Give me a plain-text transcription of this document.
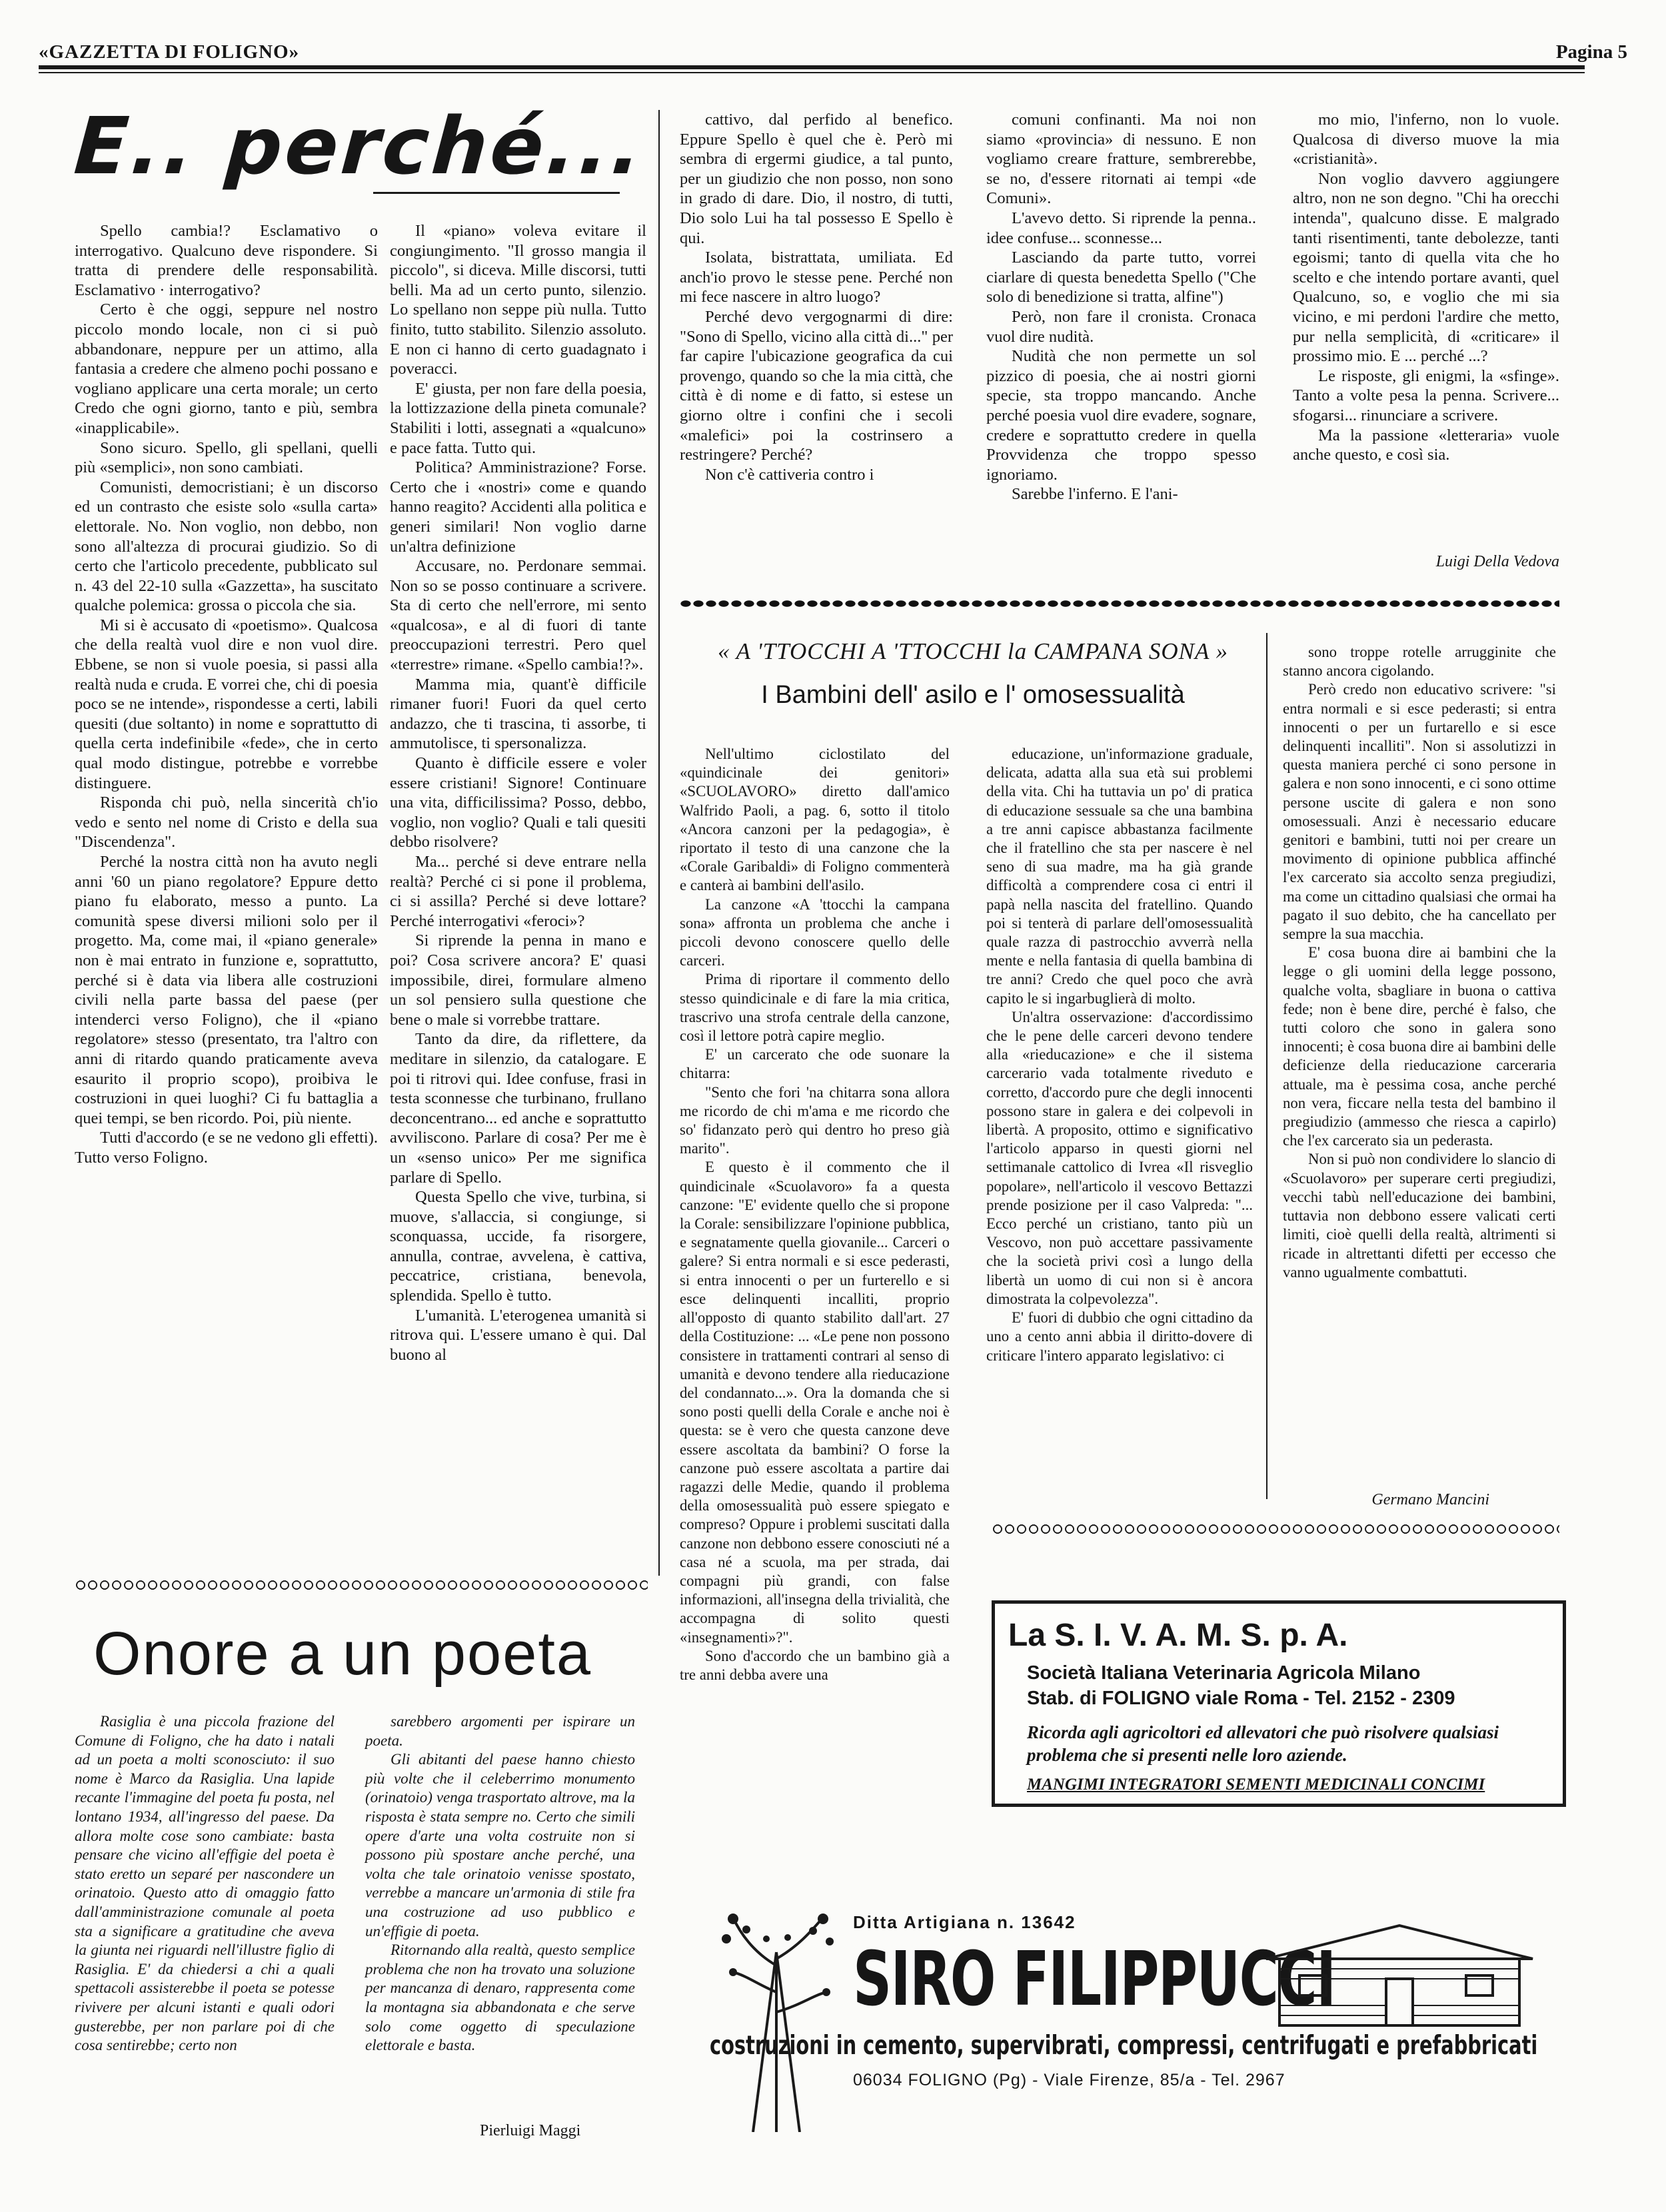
«GAZZETTA DI FOLIGNO»	Pagina 5
E.. perché...

Spello cambia!? Esclamativo o interrogativo. Qualcuno deve rispondere. Si tratta di prendere delle responsabilità. Esclamativo · interrogativo?

Certo è che oggi, seppure nel nostro piccolo mondo locale, non ci si può abbandonare, neppure per un attimo, alla fantasia a credere che almeno pochi possano e vogliano applicare una certa morale; un certo Credo che ogni giorno, tanto e più, sembra «inapplicabile».

Sono sicuro. Spello, gli spellani, quelli più «semplici», non sono cambiati.

Comunisti, democristiani; è un discorso ed un contrasto che esiste solo «sulla carta» elettorale. No. Non voglio, non debbo, non sono all'altezza di procurai giudizio. So di certo che l'articolo precedente, pubblicato sul n. 43 del 22-10 sulla «Gazzetta», ha suscitato qualche polemica: grossa o piccola che sia.

Mi si è accusato di «poetismo». Qualcosa che della realtà vuol dire e non vuol dire. Ebbene, se non si vuole poesia, si passi alla realtà nuda e cruda. E vorrei che, chi di poesia poco se ne intende», rispondesse a certi, labili quesiti (due soltanto) in nome e soprattutto di quella certa indefinibile «fede», che in certo qual modo distingue, potrebbe e vorrebbe distinguere.

Risponda chi può, nella sincerità ch'io vedo e sento nel nome di Cristo e della sua "Discendenza".

Perché la nostra città non ha avuto negli anni '60 un piano regolatore? Eppure detto piano fu elaborato, messo a punto. La comunità spese diversi milioni solo per il progetto. Ma, come mai, il «piano generale» non è mai entrato in funzione e, soprattutto, perché si è data via libera alle costruzioni civili nella parte bassa del paese (per intenderci verso Foligno), che il «piano regolatore» stesso (presentato, tra l'altro con anni di ritardo quando praticamente aveva esaurito il proprio scopo), proibiva le costruzioni in quei luoghi? Ci fu battaglia a quei tempi, se ben ricordo. Poi, più niente.

Tutti d'accordo (e se ne vedono gli effetti). Tutto verso Foligno.

Il «piano» voleva evitare il congiungimento. "Il grosso mangia il piccolo", si diceva. Mille discorsi, tutti belli. Ma ad un certo punto, silenzio. Lo spellano non seppe più nulla. Tutto finito, tutto stabilito. Silenzio assoluto. E non ci hanno di certo guadagnato i poveracci.

E' giusta, per non fare della poesia, la lottizzazione della pineta comunale? Stabiliti i lotti, assegnati a «qualcuno» e pace fatta. Tutto qui.

Politica? Amministrazione? Forse. Certo che i «nostri» come e quando hanno reagito? Accidenti alla politica e generi similari! Non voglio darne un'altra definizione

Accusare, no. Perdonare semmai. Non so se posso continuare a scrivere. Sta di certo che nell'errore, mi sento «qualcosa», e al di fuori di tante preoccupazioni terrestri. Pero quel «terrestre» rimane. «Spello cambia!?».

Mamma mia, quant'è difficile rimaner fuori! Fuori da quel certo andazzo, che ti trascina, ti assorbe, ti ammutolisce, ti spersonalizza.

Quanto è difficile essere e voler essere cristiani! Signore! Continuare una vita, difficilissima? Posso, debbo, voglio, non voglio? Quali e tali quesiti debbo risolvere?

Ma... perché si deve entrare nella realtà? Perché ci si pone il problema, ci si assilla? Perché si deve lottare? Perché interrogativi «feroci»?

Si riprende la penna in mano e poi? Cosa scrivere ancora? E' quasi impossibile, direi, formulare almeno un sol pensiero sulla questione che bene o male si vorrebbe trattare.

Tanto da dire, da riflettere, da meditare in silenzio, da catalogare. E poi ti ritrovi qui. Idee confuse, frasi in testa sconnesse che turbinano, frullano deconcentrano... ed anche e soprattutto avviliscono. Parlare di cosa? Per me è un «senso unico» Per me significa parlare di Spello.

Questa Spello che vive, turbina, si muove, s'allaccia, si congiunge, si sconquassa, uccide, fa risorgere, annulla, contrae, avvelena, è cattiva, peccatrice, cristiana, benevola, splendida. Spello è tutto.

L'umanità. L'eterogenea umanità si ritrova qui. L'essere umano è qui. Dal buono al

cattivo, dal perfido al benefico. Eppure Spello è quel che è. Però mi sembra di ergermi giudice, a tal punto, per un giudizio che non posso, non sono in grado di dare. Dio, il nostro, di tutti, Dio solo Lui ha tal possesso E Spello è qui.

Isolata, bistrattata, umiliata. Ed anch'io provo le stesse pene. Perché non mi fece nascere in altro luogo?

Perché devo vergognarmi di dire: "Sono di Spello, vicino alla città di..." per far capire l'ubicazione geografica da cui provengo, quando so che la mia città, che città è di nome e di fatto, si estese un giorno oltre i confini che i secoli «malefici» poi la costrinsero a restringere? Perché?

Non c'è cattiveria contro i

comuni confinanti. Ma noi non siamo «provincia» di nessuno. E non vogliamo creare fratture, sembrerebbe, se no, d'essere ritornati ai tempi «de Comuni».

L'avevo detto. Si riprende la penna.. idee confuse... sconnesse...

Lasciando da parte tutto, vorrei ciarlare di questa benedetta Spello ("Che solo di benedizione si tratta, alfine")

Però, non fare il cronista. Cronaca vuol dire nudità.

Nudità che non permette un sol pizzico di poesia, che ai nostri giorni specie, sta troppo mancando. Anche perché poesia vuol dire evadere, sognare, credere e soprattutto credere in quella Provvidenza che troppo spesso ignoriamo.

Sarebbe l'inferno. E l'ani-

mo mio, l'inferno, non lo vuole. Qualcosa di diverso muove la mia «cristianità».

Non voglio davvero aggiungere altro, non ne son degno. "Chi ha orecchi intenda", qualcuno disse. E malgrado tanti risentimenti, tante debolezze, tanti egoismi; tanto di quella vita che ho scelto e che intendo portare avanti, quel Qualcuno, so, e voglio che mi sia vicino, e mi perdoni l'ardire che metto, pur nella semplicità, di «criticare» il prossimo mio. E ... perché ...?

Le risposte, gli enigmi, la «sfinge». Tanto a volte pesa la penna. Scrivere... sfogarsi... rinunciare a scrivere.

Ma la passione «letteraria» vuole anche questo, e così sia.

Luigi Della Vedova
« A 'TTOCCHI A 'TTOCCHI la CAMPANA SONA »
I Bambini dell' asilo e l' omosessualità

Nell'ultimo ciclostilato del «quindicinale dei genitori» «SCUOLAVORO» diretto dall'amico Walfrido Paoli, a pag. 6, sotto il titolo «Ancora canzoni per la pedagogia», è riportato il testo di una canzone che la «Corale Garibaldi» di Foligno commenterà e canterà ai bambini dell'asilo.

La canzone «A 'ttocchi la campana sona» affronta un problema che anche i piccoli devono conoscere quello delle carceri.

Prima di riportare il commento dello stesso quindicinale e di fare la mia critica, trascrivo una strofa centrale della canzone, così il lettore potrà capire meglio.

E' un carcerato che ode suonare la chitarra:

"Sento che fori 'na chitarra sona allora me ricordo de chi m'ama e me ricordo che so' fidanzato però qui dentro ho preso già marito".

E questo è il commento che il quindicinale «Scuolavoro» fa a questa canzone: "E' evidente quello che si propone la Corale: sensibilizzare l'opinione pubblica, e segnatamente quella giovanile... Carceri o galere? Si entra normali e si esce pederasti, si entra innocenti o per un furterello e si esce delinquenti incalliti, proprio all'opposto di quanto stabilito dall'art. 27 della Costituzione: ... «Le pene non possono consistere in trattamenti contrari al senso di umanità e devono tendere alla rieducazione del condannato...». Ora la domanda che si sono posti quelli della Corale e anche noi è questa: se è vero che questa canzone deve essere ascoltata da bambini? O forse la canzone può essere ascoltata a partire dai ragazzi delle Medie, quando il problema della omosessualità può essere spiegato e compreso? Oppure i problemi suscitati dalla canzone non debbono essere conosciuti né a casa né a scuola, ma per strada, dai compagni più grandi, con false informazioni, all'insegna della trivialità, che accompagna di solito questi «insegnamenti»?".

Sono d'accordo che un bambino già a tre anni debba avere una

educazione, un'informazione graduale, delicata, adatta alla sua età sui problemi della vita. Chi ha tuttavia un po' di pratica di educazione sessuale sa che una bambina a tre anni capisce abbastanza facilmente che il fratellino che sta per nascere è nel seno di sua madre, ma ha già grande difficoltà a comprendere cosa ci entri il papà nella nascita del fratellino. Quando poi si tenterà di parlare dell'omosessualità quale razza di pastrocchio avverrà nella mente e nella fantasia di quella bambina di tre anni? Credo che quel poco che avrà capito le si ingarbuglierà di molto.

Un'altra osservazione: d'accordissimo che le pene delle carceri devono tendere alla «rieducazione» e che il sistema carcerario vada totalmente riveduto e corretto, d'accordo pure che degli innocenti possono stare in galera e dei colpevoli in libertà. A proposito, ottimo e significativo l'articolo apparso in questi giorni nel settimanale cattolico di Ivrea «Il risveglio popolare», nell'articolo il vescovo Bettazzi prende posizione per il caso Valpreda: "... Ecco perché un cristiano, tanto più un Vescovo, non può accettare passivamente che la società privi così a lungo della libertà un uomo di cui non si è ancora dimostrata la colpevolezza".

E' fuori di dubbio che ogni cittadino da uno a cento anni abbia il diritto-dovere di criticare l'intero apparato legislativo: ci

sono troppe rotelle arrugginite che stanno ancora cigolando.

Però credo non educativo scrivere: "si entra normali e si esce pederasti; si entra innocenti o per un furtarello e si esce delinquenti incalliti". Non si assolutizzi in questa maniera perché ci sono persone in galera e non sono innocenti, e ci sono ottime persone uscite di galera e non sono omosessuali. Anzi è necessario educare genitori e bambini, tutti noi per creare un movimento di opinione pubblica affinché l'ex carcerato sia accolto senza pregiudizi, ma come un cittadino qualsiasi che ormai ha pagato il suo debito, che ha cancellato per sempre la sua macchia.

E' cosa buona dire ai bambini che la legge o gli uomini della legge possono, qualche volta, sbagliare in buona o cattiva fede; non è bene dire, perché è falso, che tutti coloro che sono in galera sono innocenti; è cosa buona dire ai bambini delle deficienze della rieducazione carceraria attuale, ma è pessima cosa, anche perché non vera, ficcare nella testa del bambino il pregiudizio (ammesso che riesca a capirlo) che l'ex carcerato sia un pederasta.

Non si può non condividere lo slancio di «Scuolavoro» per superare certi pregiudizi, vecchi tabù nell'educazione dei bambini, tuttavia non debbono essere valicati certi limiti, cioè quelli della realtà, altrimenti si ricade in altrettanti difetti per eccesso che vanno ugualmente combattuti.

Germano Mancini
Onore a un poeta

Rasiglia è una piccola frazione del Comune di Foligno, che ha dato i natali ad un poeta a molti sconosciuto: il suo nome è Marco da Rasiglia. Una lapide recante l'immagine del poeta fu posta, nel lontano 1934, all'ingresso del paese. Da allora molte cose sono cambiate: basta pensare che vicino all'effigie del poeta è stato eretto un separé per nascondere un orinatoio. Questo atto di omaggio fatto dall'amministrazione comunale al poeta sta a significare a gratitudine che aveva la giunta nei riguardi nell'illustre figlio di Rasiglia. E' da chiedersi a chi a quali spettacoli assisterebbe il poeta se potesse rivivere per alcuni istanti e quali odori gusterebbe, per non parlare poi di che cosa sentirebbe; certo non

sarebbero argomenti per ispirare un poeta.

Gli abitanti del paese hanno chiesto più volte che il celeberrimo monumento (orinatoio) venga trasportato altrove, ma la risposta è stata sempre no. Certo che simili opere d'arte una volta costruite non si possono più spostare anche perché, una volta che tale orinatoio venisse spostato, verrebbe a mancare un'armonia di stile fra una costruzione ad uso pubblico e un'effigie di poeta.

Ritornando alla realtà, questo semplice problema che non ha trovato una soluzione per mancanza di denaro, rappresenta come la montagna sia abbandonata e che serve solo come oggetto di speculazione elettorale e basta.

Pierluigi Maggi
La S. I. V. A. M. S. p. A.
Società Italiana Veterinaria Agricola Milano
Stab. di FOLIGNO viale Roma - Tel. 2152 - 2309
Ricorda agli agricoltori ed allevatori che può risolvere qualsiasi problema che si presenti nelle loro aziende.
MANGIMI INTEGRATORI SEMENTI MEDICINALI CONCIMI
Ditta Artigiana n. 13642
SIRO FILIPPUCCI
costruzioni in cemento, supervibrati, compressi, centrifugati e prefabbricati
06034 FOLIGNO (Pg) - Viale Firenze, 85/a - Tel. 2967
